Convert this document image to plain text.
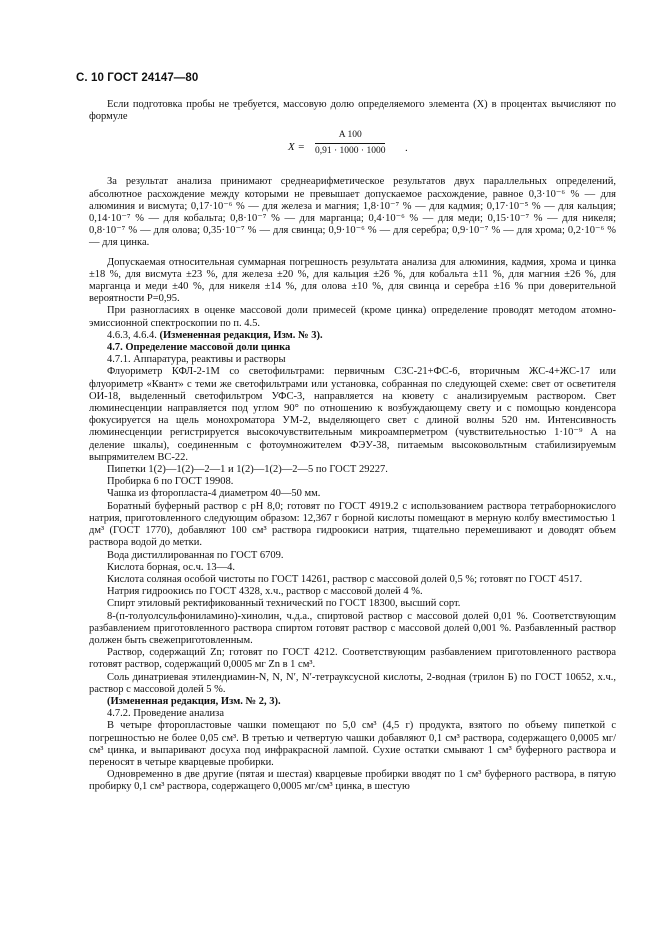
С. 10 ГОСТ 24147—80

Если подготовка пробы не требуется, массовую долю определяемого элемента (X) в процентах вычисляют по формуле

X =
A 100
0,91 · 1000 · 1000 .

За результат анализа принимают среднеарифметическое результатов двух параллельных определений, абсолютное расхождение между которыми не превышает допускаемое расхождение, равное 0,3·10⁻⁶ % — для алюминия и висмута; 0,17·10⁻⁶ % — для железа и магния; 1,8·10⁻⁷ % — для кадмия; 0,17·10⁻⁵ % — для кальция; 0,14·10⁻⁷ % — для кобальта; 0,8·10⁻⁷ % — для марганца; 0,4·10⁻⁶ % — для меди; 0,15·10⁻⁷ % — для никеля; 0,8·10⁻⁷ % — для олова; 0,35·10⁻⁷ % — для свинца; 0,9·10⁻⁶ % — для серебра; 0,9·10⁻⁷ % — для хрома; 0,2·10⁻⁶ % — для цинка.

Допускаемая относительная суммарная погрешность результата анализа для алюминия, кадмия, хрома и цинка ±18 %, для висмута ±23 %, для железа ±20 %, для кальция ±26 %, для кобальта ±11 %, для магния ±26 %, для марганца и меди ±40 %, для никеля ±14 %, для олова ±10 %, для свинца и серебра ±16 % при доверительной вероятности P=0,95.

При разногласиях в оценке массовой доли примесей (кроме цинка) определение проводят методом атомно-эмиссионной спектроскопии по п. 4.5.

4.6.3, 4.6.4. (Измененная редакция, Изм. № 3).

4.7. Определение массовой доли цинка

4.7.1. Аппаратура, реактивы и растворы

Флуориметр КФЛ-2-1М со светофильтрами: первичным СЗС-21+ФС-6, вторичным ЖС-4+ЖС-17 или флуориметр «Квант» с теми же светофильтрами или установка, собранная по следующей схеме: свет от осветителя ОИ-18, выделенный светофильтром УФС-3, направляется на кювету с анализируемым раствором. Свет люминесценции направляется под углом 90° по отношению к возбуждающему свету и с помощью конденсора фокусируется на щель монохроматора УМ-2, выделяющего свет с длиной волны 520 нм. Интенсивность люминесценции регистрируется высокочувствительным микроамперметром (чувствительностью 1·10⁻⁹ А на деление шкалы), соединенным с фотоумножителем ФЭУ-38, питаемым высоковольтным стабилизируемым выпрямителем ВС-22.

Пипетки 1(2)—1(2)—2—1 и 1(2)—1(2)—2—5 по ГОСТ 29227.

Пробирка 6 по ГОСТ 19908.

Чашка из фторопласта-4 диаметром 40—50 мм.

Боратный буферный раствор с pH 8,0; готовят по ГОСТ 4919.2 с использованием раствора тетраборнокислого натрия, приготовленного следующим образом: 12,367 г борной кислоты помещают в мерную колбу вместимостью 1 дм³ (ГОСТ 1770), добавляют 100 см³ раствора гидроокиси натрия, тщательно перемешивают и доводят объем раствора водой до метки.

Вода дистиллированная по ГОСТ 6709.

Кислота борная, ос.ч. 13—4.

Кислота соляная особой чистоты по ГОСТ 14261, раствор с массовой долей 0,5 %; готовят по ГОСТ 4517.

Натрия гидроокись по ГОСТ 4328, х.ч., раствор с массовой долей 4 %.

Спирт этиловый ректификованный технический по ГОСТ 18300, высший сорт.

8-(п-толуолсульфониламино)-хинолин, ч.д.а., спиртовой раствор с массовой долей 0,01 %. Соответствующим разбавлением приготовленного раствора спиртом готовят раствор с массовой долей 0,001 %. Разбавленный раствор должен быть свежеприготовленным.

Раствор, содержащий Zn; готовят по ГОСТ 4212. Соответствующим разбавлением приготовленного раствора готовят раствор, содержащий 0,0005 мг Zn в 1 см³.

Соль динатриевая этилендиамин-N, N, N′, N′-тетрауксусной кислоты, 2-водная (трилон Б) по ГОСТ 10652, х.ч., раствор с массовой долей 5 %.

(Измененная редакция, Изм. № 2, 3).

4.7.2. Проведение анализа

В четыре фторопластовые чашки помещают по 5,0 см³ (4,5 г) продукта, взятого по объему пипеткой с погрешностью не более 0,05 см³. В третью и четвертую чашки добавляют 0,1 см³ раствора, содержащего 0,0005 мг/см³ цинка, и выпаривают досуха под инфракрасной лампой. Сухие остатки смывают 1 см³ буферного раствора и переносят в четыре кварцевые пробирки.

Одновременно в две другие (пятая и шестая) кварцевые пробирки вводят по 1 см³ буферного раствора, в пятую пробирку 0,1 см³ раствора, содержащего 0,0005 мг/см³ цинка, в шестую
